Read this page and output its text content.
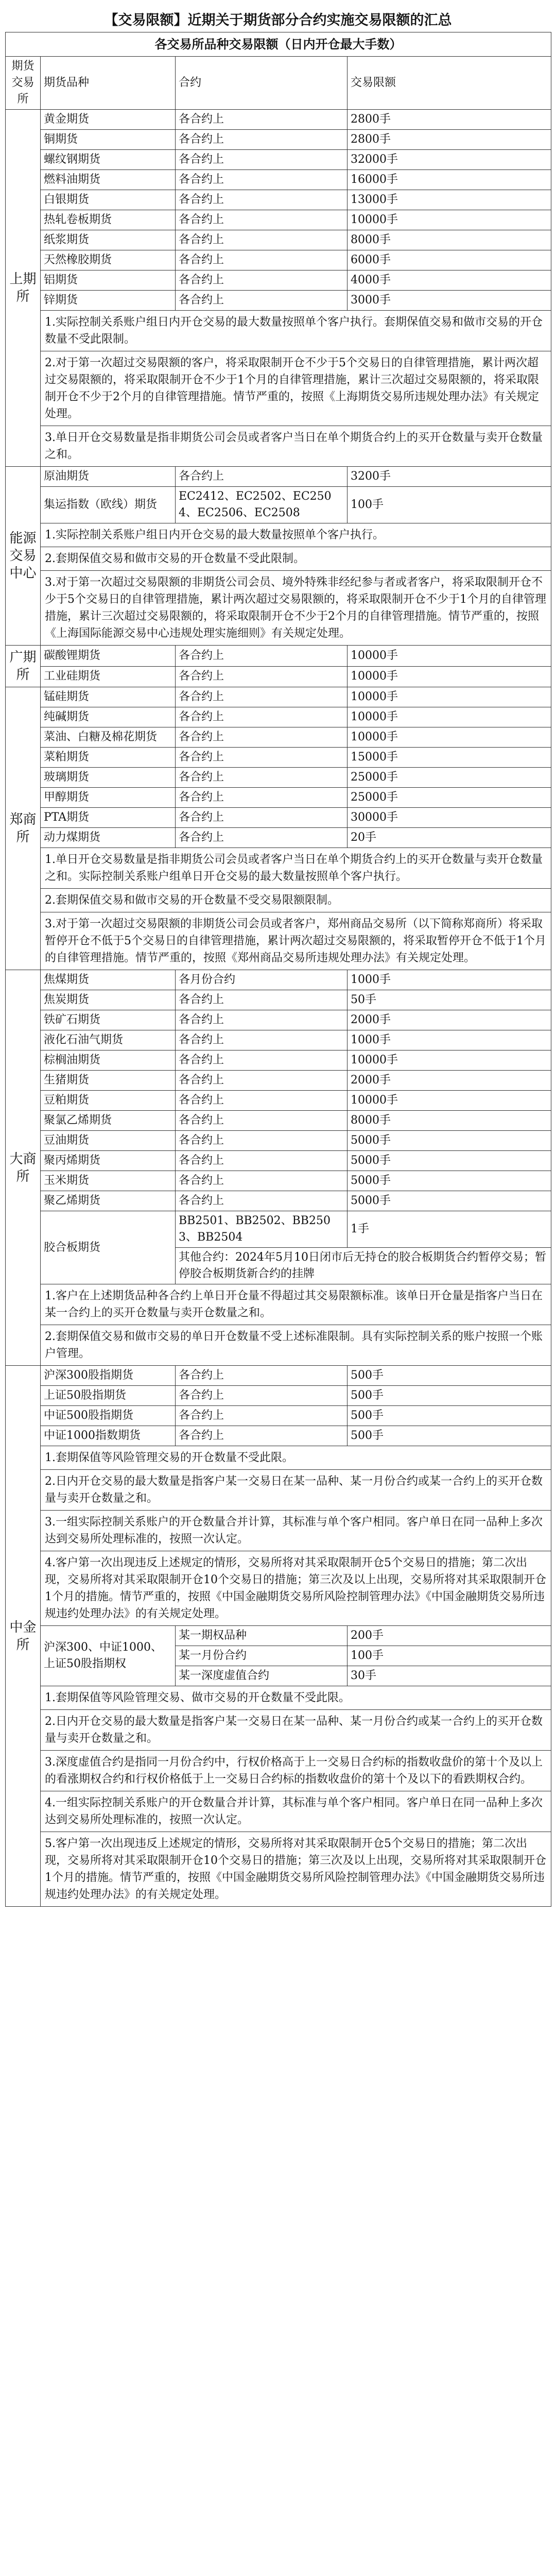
【交易限额】近期关于期货部分合约实施交易限额的汇总
各交易所品种交易限额（日内开仓最大手数）			
期货交易所	期货品种	合约	交易限额
上期所	黄金期货	各合约上	2800手
	铜期货	各合约上	2800手
	螺纹钢期货	各合约上	32000手
	燃料油期货	各合约上	16000手
	白银期货	各合约上	13000手
	热轧卷板期货	各合约上	10000手
	纸浆期货	各合约上	8000手
	天然橡胶期货	各合约上	6000手
	铝期货	各合约上	4000手
	锌期货	各合约上	3000手
	1.实际控制关系账户组日内开仓交易的最大数量按照单个客户执行。套期保值交易和做市交易的开仓数量不受此限制。		
	2.对于第一次超过交易限额的客户，将采取限制开仓不少于5个交易日的自律管理措施，累计两次超过交易限额的，将采取限制开仓不少于1个月的自律管理措施，累计三次超过交易限额的，将采取限制开仓不少于2个月的自律管理措施。情节严重的，按照《上海期货交易所违规处理办法》有关规定处理。		
	3.单日开仓交易数量是指非期货公司会员或者客户当日在单个期货合约上的买开仓数量与卖开仓数量之和。		
能源交易中心	原油期货	各合约上	3200手
	集运指数（欧线）期货	EC2412、EC2502、EC2504、EC2506、EC2508	100手
	1.实际控制关系账户组日内开仓交易的最大数量按照单个客户执行。		
	2.套期保值交易和做市交易的开仓数量不受此限制。		
	3.对于第一次超过交易限额的非期货公司会员、境外特殊非经纪参与者或者客户，将采取限制开仓不少于5个交易日的自律管理措施，累计两次超过交易限额的，将采取限制开仓不少于1个月的自律管理措施，累计三次超过交易限额的，将采取限制开仓不少于2个月的自律管理措施。情节严重的，按照《上海国际能源交易中心违规处理实施细则》有关规定处理。		
广期所	碳酸锂期货	各合约上	10000手
	工业硅期货	各合约上	10000手
郑商所	锰硅期货	各合约上	10000手
	纯碱期货	各合约上	10000手
	菜油、白糖及棉花期货	各合约上	10000手
	菜粕期货	各合约上	15000手
	玻璃期货	各合约上	25000手
	甲醇期货	各合约上	25000手
	PTA期货	各合约上	30000手
	动力煤期货	各合约上	20手
	1.单日开仓交易数量是指非期货公司会员或者客户当日在单个期货合约上的买开仓数量与卖开仓数量之和。实际控制关系账户组单日开仓交易的最大数量按照单个客户执行。		
	2.套期保值交易和做市交易的开仓数量不受交易限额限制。		
	3.对于第一次超过交易限额的非期货公司会员或者客户，郑州商品交易所（以下简称郑商所）将采取暂停开仓不低于5个交易日的自律管理措施，累计两次超过交易限额的，将采取暂停开仓不低于1个月的自律管理措施。情节严重的，按照《郑州商品交易所违规处理办法》有关规定处理。		
大商所	焦煤期货	各月份合约	1000手
	焦炭期货	各合约上	50手
	铁矿石期货	各合约上	2000手
	液化石油气期货	各合约上	1000手
	棕榈油期货	各合约上	10000手
	生猪期货	各合约上	2000手
	豆粕期货	各合约上	10000手
	聚氯乙烯期货	各合约上	8000手
	豆油期货	各合约上	5000手
	聚丙烯期货	各合约上	5000手
	玉米期货	各合约上	5000手
	聚乙烯期货	各合约上	5000手
	胶合板期货	BB2501、BB2502、BB2503、BB2504	1手
		其他合约：2024年5月10日闭市后无持仓的胶合板期货合约暂停交易；暂停胶合板期货新合约的挂牌	
	1.客户在上述期货品种各合约上单日开仓量不得超过其交易限额标准。该单日开仓量是指客户当日在某一合约上的买开仓数量与卖开仓数量之和。		
	2.套期保值交易和做市交易的单日开仓数量不受上述标准限制。具有实际控制关系的账户按照一个账户管理。		
中金所	沪深300股指期货	各合约上	500手
	上证50股指期货	各合约上	500手
	中证500股指期货	各合约上	500手
	中证1000指数期货	各合约上	500手
	1.套期保值等风险管理交易的开仓数量不受此限。		
	2.日内开仓交易的最大数量是指客户某一交易日在某一品种、某一月份合约或某一合约上的买开仓数量与卖开仓数量之和。		
	3.一组实际控制关系账户的开仓数量合并计算，其标准与单个客户相同。客户单日在同一品种上多次达到交易所处理标准的，按照一次认定。		
	4.客户第一次出现违反上述规定的情形，交易所将对其采取限制开仓5个交易日的措施；第二次出现，交易所将对其采取限制开仓10个交易日的措施；第三次及以上出现，交易所将对其采取限制开仓1个月的措施。情节严重的，按照《中国金融期货交易所风险控制管理办法》《中国金融期货交易所违规违约处理办法》的有关规定处理。		
	沪深300、中证1000、上证50股指期权	某一期权品种	200手
		某一月份合约	100手
		某一深度虚值合约	30手
	1.套期保值等风险管理交易、做市交易的开仓数量不受此限。		
	2.日内开仓交易的最大数量是指客户某一交易日在某一品种、某一月份合约或某一合约上的买开仓数量与卖开仓数量之和。		
	3.深度虚值合约是指同一月份合约中，行权价格高于上一交易日合约标的指数收盘价的第十个及以上的看涨期权合约和行权价格低于上一交易日合约标的指数收盘价的第十个及以下的看跌期权合约。		
	4.一组实际控制关系账户的开仓数量合并计算，其标准与单个客户相同。客户单日在同一品种上多次达到交易所处理标准的，按照一次认定。		
	5.客户第一次出现违反上述规定的情形，交易所将对其采取限制开仓5个交易日的措施；第二次出现，交易所将对其采取限制开仓10个交易日的措施；第三次及以上出现，交易所将对其采取限制开仓1个月的措施。情节严重的，按照《中国金融期货交易所风险控制管理办法》《中国金融期货交易所违规违约处理办法》的有关规定处理。		
